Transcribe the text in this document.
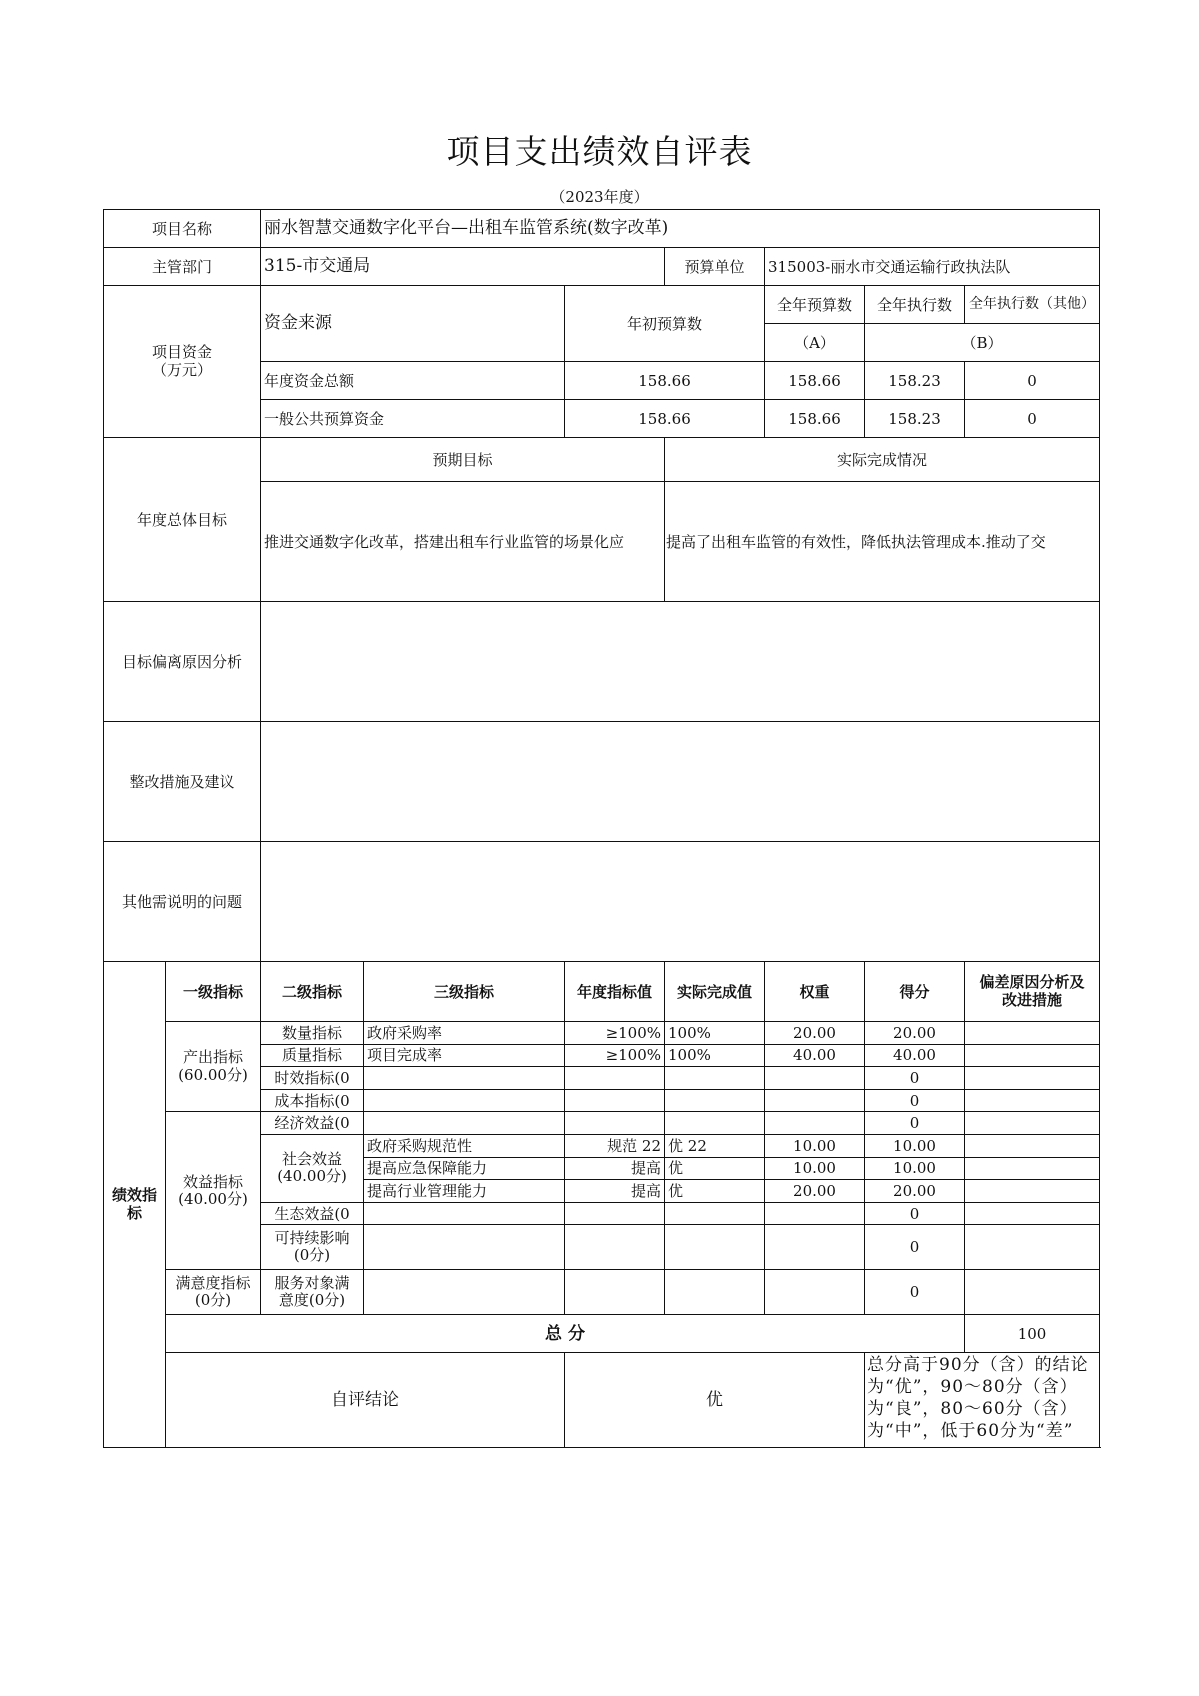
项目支出绩效自评表
（2023年度）
项目名称		丽水智慧交通数字化平台—出租车监管系统(数字改革)							
主管部门		315-市交通局			预算单位	315003-丽水市交通运输行政执法队			

项目资金
（万元）		资金来源		年初预算数		全年预算数	全年执行数	全年执行数（其他）	
						（A）	（B）	
		年度资金总额		158.66		158.66	158.23	0	
		一般公共预算资金		158.66		158.66	158.23	0	
年度总体目标		预期目标			实际完成情况				
		推进交通数字化改革，搭建出租车行业监管的场景化应			提高了出租车监管的有效性，降低执法管理成本.推动了交				
目标偏离原因分析									
整改措施及建议									
其他需说明的问题									

绩效指
标	一级指标	二级指标	三级指标	年度指标值	实际完成值	权重	得分	偏差原因分析及
改进措施	

	产出指标
(60.00分)	数量指标	政府采购率	≥100%	100%	20.00	20.00		
		质量指标	项目完成率	≥100%	100%	40.00	40.00		
		时效指标(0					0		
		成本指标(0					0		

	效益指标
(40.00分)	经济效益(0					0		

		社会效益
(40.00分)	政府采购规范性	规范 22	优 22	10.00	10.00		
			提高应急保障能力	提高	优	10.00	10.00		
			提高行业管理能力	提高	优	20.00	20.00		
		生态效益(0					0		

		可持续影响
(0分)					0		

	满意度指标
(0分)	服务对象满
意度(0分)					0		
	总 分							100		
	自评结论			优			总分高于90分（含）的结论为“优”，90～80分（含）为“良”，80～60分（含）为“中”，低于60分为“差”		
